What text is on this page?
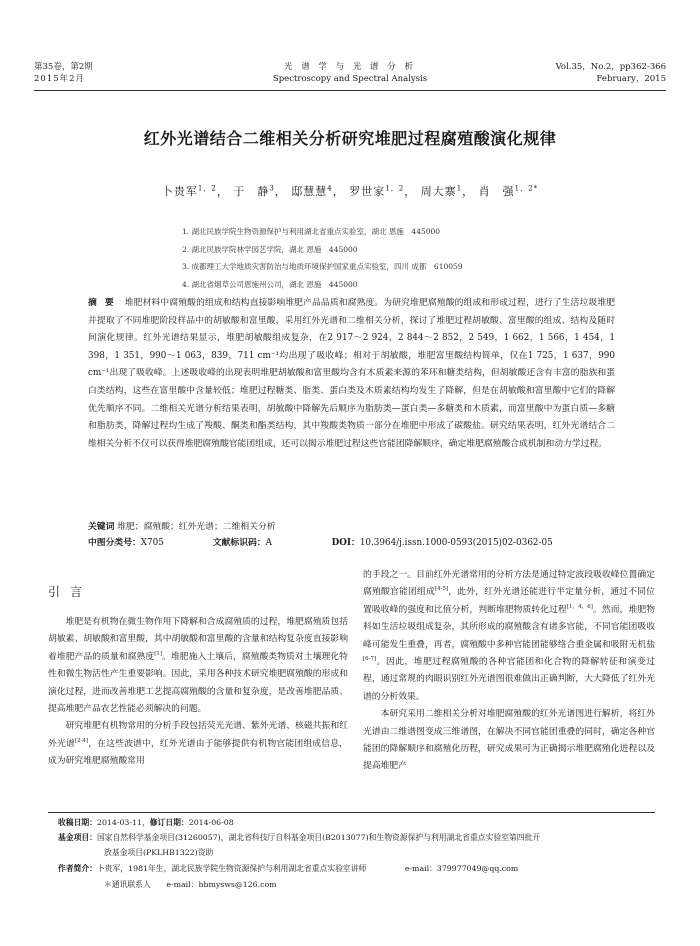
第35卷，第2期
2015年2月
光 谱 学 与 光 谱 分 析
Spectroscopy and Spectral Analysis
Vol.35，No.2，pp362-366
February，2015
红外光谱结合二维相关分析研究堆肥过程腐殖酸演化规律
卜贵军$^{1,2}$， 于　静$^3$， 邸慧慧$^4$， 罗世家$^{1,2}$， 周大寨$^1$， 肖　强$^{1,2*}$
1. 湖北民族学院生物资源保护与利用湖北省重点实验室，湖北 恩施　445000
2. 湖北民族学院林学园艺学院，湖北 恩施　445000
3. 成都理工大学地质灾害防治与地质环境保护国家重点实验室，四川 成都　610059
4. 湖北省烟草公司恩施州公司，湖北 恩施　445000
摘要 堆肥材料中腐殖酸的组成和结构直接影响堆肥产品品质和腐熟度。为研究堆肥腐殖酸的组成和形成过程，进行了生活垃圾堆肥并提取了不同堆肥阶段样品中的胡敏酸和富里酸，采用红外光谱和二维相关分析，探讨了堆肥过程胡敏酸、富里酸的组成、结构及随时间演化规律。红外光谱结果显示，堆肥胡敏酸组成复杂，在2 917～2 924，2 844～2 852，2 549，1 662，1 566，1 454，1 398，1 351，990～1 063，839，711 cm⁻¹均出现了吸收峰；相对于胡敏酸，堆肥富里酸结构简单，仅在1 725，1 637，990 cm⁻¹出现了吸收峰。上述吸收峰的出现表明堆肥胡敏酸和富里酸均含有木质素来源的苯环和糖类结构，但胡敏酸还含有丰富的脂族和蛋白类结构，这些在富里酸中含量较低；堆肥过程糖类、脂类、蛋白类及木质素结构均发生了降解，但是在胡敏酸和富里酸中它们的降解优先顺序不同。二维相关光谱分析结果表明，胡敏酸中降解先后顺序为脂肪类—蛋白类—多糖类和木质素，而富里酸中为蛋白质—多糖和脂肪类，降解过程均生成了羧酸、酮类和酯类结构，其中羧酸类物质一部分在堆肥中形成了碳酸盐。研究结果表明，红外光谱结合二维相关分析不仅可以获得堆肥腐殖酸官能团组成，还可以揭示堆肥过程这些官能团降解顺序，确定堆肥腐殖酸合成机制和动力学过程。
关键词 堆肥；腐殖酸；红外光谱；二维相关分析
中图分类号：X705	文献标识码：A	DOI：10.3964/j.issn.1000-0593(2015)02-0362-05
引言

堆肥是有机物在微生物作用下降解和合成腐殖质的过程，堆肥腐殖质包括胡敏素、胡敏酸和富里酸，其中胡敏酸和富里酸的含量和结构复杂度直接影响着堆肥产品的质量和腐熟度[1]。堆肥施入土壤后，腐殖酸类物质对土壤理化特性和微生物活性产生重要影响。因此，采用各种技术研究堆肥腐殖酸的形成和演化过程，进而改善堆肥工艺提高腐殖酸的含量和复杂度，是改善堆肥品质、提高堆肥产品农艺性能必须解决的问题。

研究堆肥有机物常用的分析手段包括荧光光谱、紫外光谱、核磁共振和红外光谱[2-4]，在这些波谱中，红外光谱由于能够提供有机物官能团组成信息，成为研究堆肥腐殖酸常用

的手段之一。目前红外光谱常用的分析方法是通过特定波段吸收峰位置确定腐殖酸官能团组成[4-5]，此外，红外光谱还能进行半定量分析，通过不同位置吸收峰的强度和比值分析，判断堆肥物质转化过程[1，4，6]。然而，堆肥物料如生活垃圾组成复杂，其所形成的腐殖酸含有诸多官能，不同官能团吸收峰可能发生重叠，再者，腐殖酸中多种官能团能够络合重金属和吸附无机盐[6-7]。因此，堆肥过程腐殖酸的各种官能团和化合物的降解转征和演变过程，通过常规的肉眼识别红外光谱图很难做出正确判断，大大降低了红外光谱的分析效果。

本研究采用二维相关分析对堆肥腐殖酸的红外光谱图进行解析，将红外光谱由二维谱图变成三维谱图，在解决不同官能团重叠的同时，确定各种官能团的降解顺序和腐殖化历程，研究成果可为正确揭示堆肥腐殖化进程以及提高堆肥产

收稿日期：2014-03-11，修订日期：2014-06-08
基金项目：国家自然科学基金项目(31260057)，湖北省科技厅自科基金项目(B2013077)和生物资源保护与利用湖北省重点实验室第四批开
放基金项目(PKLHB1322)资助
作者简介：卜贵军，1981年生，湖北民族学院生物资源保护与利用湖北省重点实验室讲师	e-mail：379977049@qq.com
＊通讯联系人　　e-mail：hbmysws@126.com
